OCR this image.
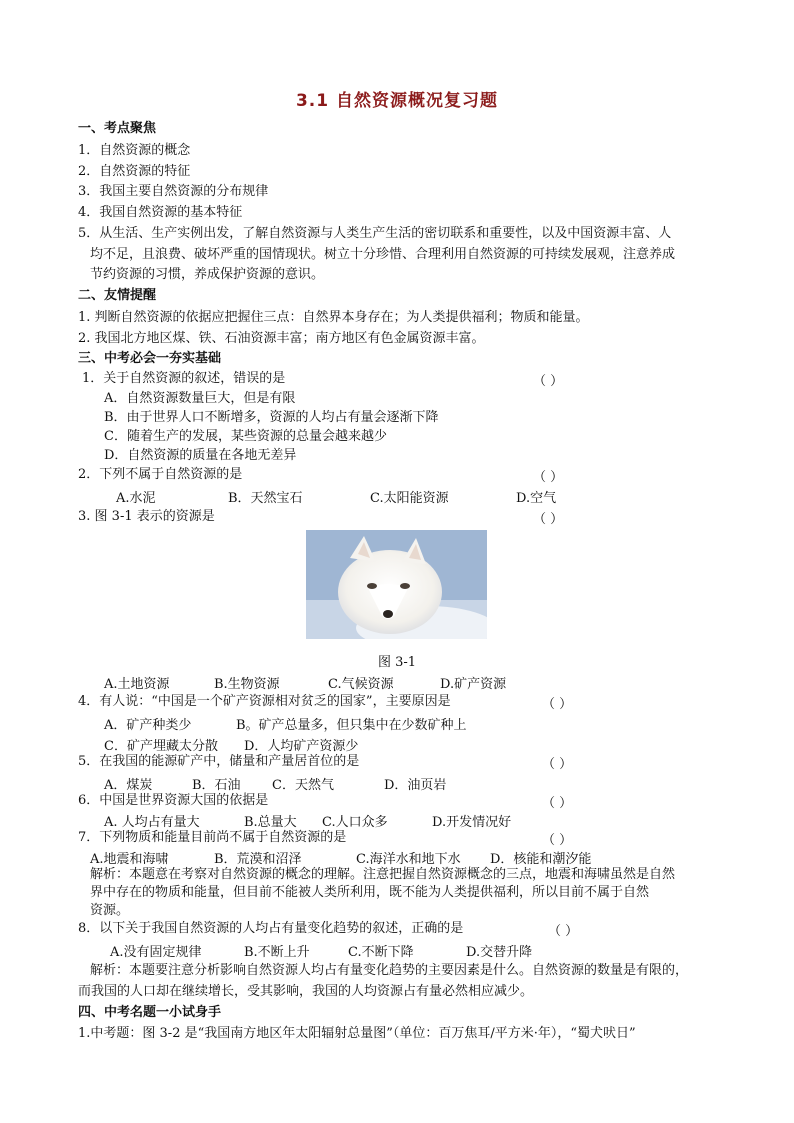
3.1 自然资源概况复习题
一、考点聚焦
1．自然资源的概念
2．自然资源的特征
3．我国主要自然资源的分布规律
4．我国自然资源的基本特征
5．从生活、生产实例出发，了解自然资源与人类生产生活的密切联系和重要性，以及中国资源丰富、人
均不足，且浪费、破坏严重的国情现状。树立十分珍惜、合理利用自然资源的可持续发展观，注意养成
节约资源的习惯，养成保护资源的意识。
二、友情提醒
1. 判断自然资源的依据应把握住三点：自然界本身存在；为人类提供福利；物质和能量。
2. 我国北方地区煤、铁、石油资源丰富；南方地区有色金属资源丰富。
三、中考必会一夯实基础
1．关于自然资源的叙述，错误的是	（ ）
A．自然资源数量巨大，但是有限
B．由于世界人口不断增多，资源的人均占有量会逐渐下降
C．随着生产的发展，某些资源的总量会越来越少
D．自然资源的质量在各地无差异
2．下列不属于自然资源的是	（ ）
A.水泥	B．天然宝石	C.太阳能资源	D.空气
3. 图 3-1 表示的资源是	（ ）
图 3-1
A.土地资源	B.生物资源	C.气候资源	D.矿产资源
4．有人说：“中国是一个矿产资源相对贫乏的国家”，主要原因是	（ ）
A．矿产种类少	B。矿产总量多，但只集中在少数矿种上
C．矿产埋藏太分散 D．人均矿产资源少
5．在我国的能源矿产中，储量和产量居首位的是	（ ）
A．煤炭	B．石油 C．天然气	D．油页岩
6．中国是世界资源大国的依据是	（ ）
A. 人均占有量大	B.总量大 C.人口众多	D.开发情况好
7．下列物质和能量目前尚不属于自然资源的是	（ ）
A.地震和海啸	B．荒漠和沼泽	C.海洋水和地下水 D．核能和潮汐能
解析：本题意在考察对自然资源的概念的理解。注意把握自然资源概念的三点，地震和海啸虽然是自然
界中存在的物质和能量，但目前不能被人类所利用，既不能为人类提供福利，所以目前不属于自然
资源。
8．以下关于我国自然资源的人均占有量变化趋势的叙述，正确的是	（ ）
A.没有固定规律	B.不断上升	C.不断下降	D.交替升降
解析：本题要注意分析影响自然资源人均占有量变化趋势的主要因素是什么。自然资源的数量是有限的，
而我国的人口却在继续增长，受其影响，我国的人均资源占有量必然相应减少。
四、中考名题一小试身手
1.中考题：图 3-2 是“我国南方地区年太阳辐射总量图”（单位：百万焦耳/平方米·年），“蜀犬吠日”
